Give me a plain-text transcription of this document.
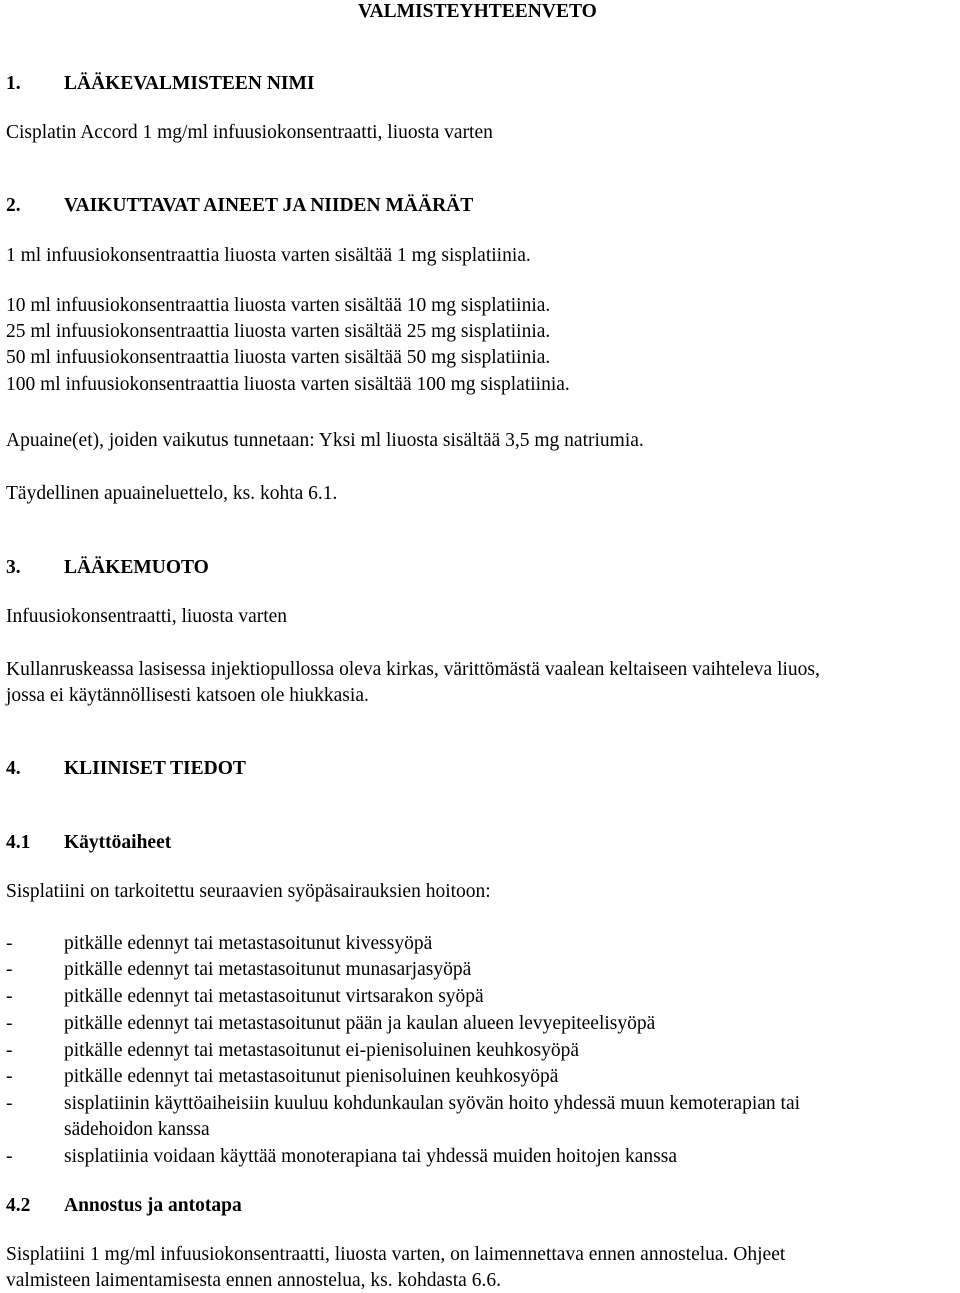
VALMISTEYHTEENVETO
1. LÄÄKEVALMISTEEN NIMI
Cisplatin Accord 1 mg/ml infuusiokonsentraatti, liuosta varten
2. VAIKUTTAVAT AINEET JA NIIDEN MÄÄRÄT
1 ml infuusiokonsentraattia liuosta varten sisältää 1 mg sisplatiinia.
10 ml infuusiokonsentraattia liuosta varten sisältää 10 mg sisplatiinia.
25 ml infuusiokonsentraattia liuosta varten sisältää 25 mg sisplatiinia.
50 ml infuusiokonsentraattia liuosta varten sisältää 50 mg sisplatiinia.
100 ml infuusiokonsentraattia liuosta varten sisältää 100 mg sisplatiinia.
Apuaine(et), joiden vaikutus tunnetaan: Yksi ml liuosta sisältää 3,5 mg natriumia.
Täydellinen apuaineluettelo, ks. kohta 6.1.
3. LÄÄKEMUOTO
Infuusiokonsentraatti, liuosta varten
Kullanruskeassa lasisessa injektiopullossa oleva kirkas, värittömästä vaalean keltaiseen vaihteleva liuos,
jossa ei käytännöllisesti katsoen ole hiukkasia.
4. KLIINISET TIEDOT
4.1 Käyttöaiheet
Sisplatiini on tarkoitettu seuraavien syöpäsairauksien hoitoon:
-	pitkälle edennyt tai metastasoitunut kivessyöpä
-	pitkälle edennyt tai metastasoitunut munasarjasyöpä
-	pitkälle edennyt tai metastasoitunut virtsarakon syöpä
-	pitkälle edennyt tai metastasoitunut pään ja kaulan alueen levyepiteelisyöpä
-	pitkälle edennyt tai metastasoitunut ei-pienisoluinen keuhkosyöpä
-	pitkälle edennyt tai metastasoitunut pienisoluinen keuhkosyöpä
-	sisplatiinin käyttöaiheisiin kuuluu kohdunkaulan syövän hoito yhdessä muun kemoterapian tai
sädehoidon kanssa
-	sisplatiinia voidaan käyttää monoterapiana tai yhdessä muiden hoitojen kanssa
4.2 Annostus ja antotapa
Sisplatiini 1 mg/ml infuusiokonsentraatti, liuosta varten, on laimennettava ennen annostelua. Ohjeet
valmisteen laimentamisesta ennen annostelua, ks. kohdasta 6.6.
